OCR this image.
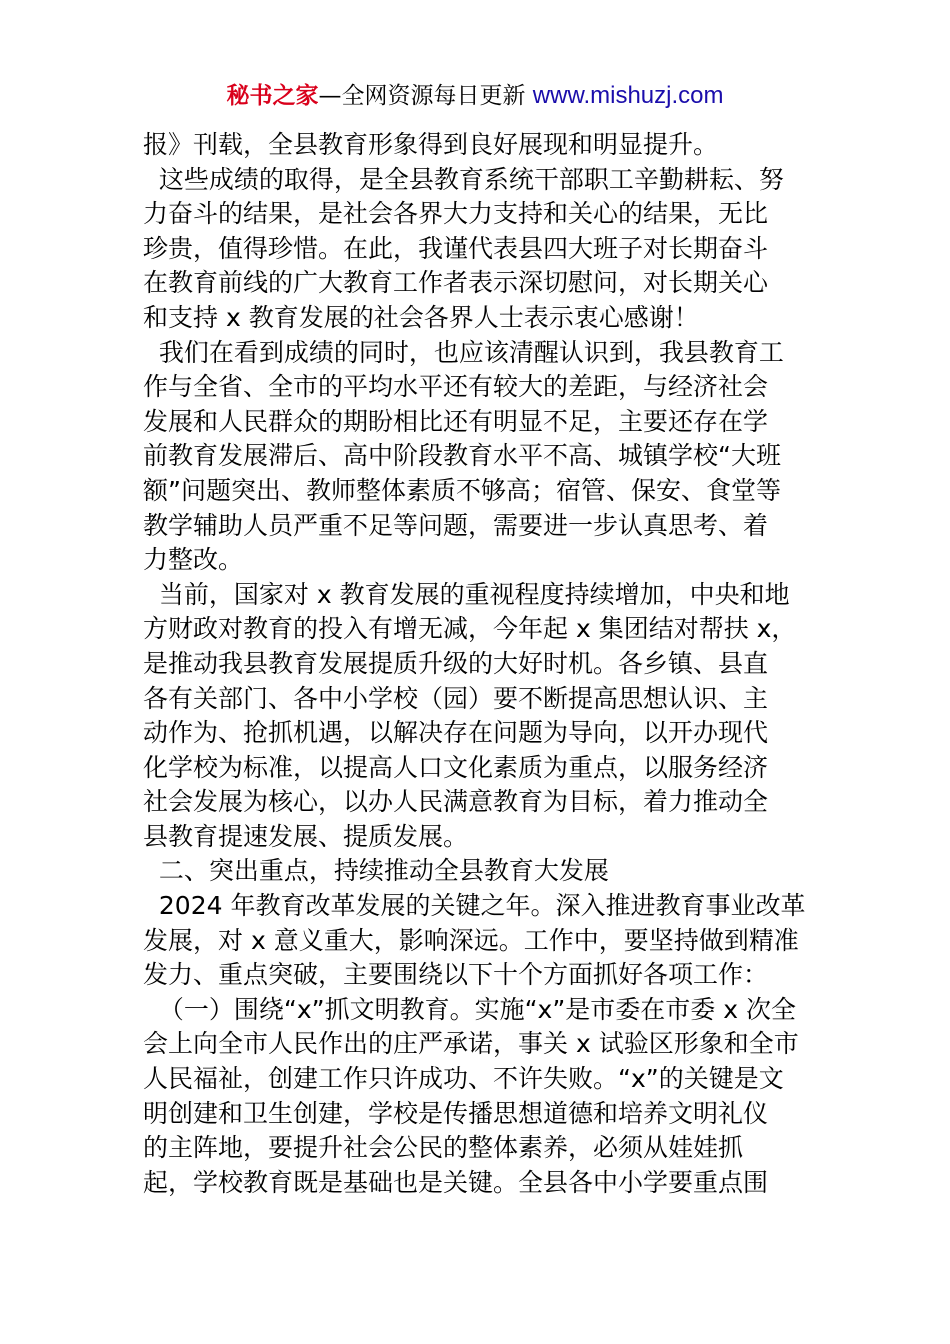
秘书之家—全网资源每日更新 www.mishuzj.com
报》刊载，全县教育形象得到良好展现和明显提升。
这些成绩的取得，是全县教育系统干部职工辛勤耕耘、努
力奋斗的结果，是社会各界大力支持和关心的结果，无比
珍贵，值得珍惜。在此，我谨代表县四大班子对长期奋斗
在教育前线的广大教育工作者表示深切慰问，对长期关心
和支持 x 教育发展的社会各界人士表示衷心感谢！
我们在看到成绩的同时，也应该清醒认识到，我县教育工
作与全省、全市的平均水平还有较大的差距，与经济社会
发展和人民群众的期盼相比还有明显不足，主要还存在学
前教育发展滞后、高中阶段教育水平不高、城镇学校“大班
额”问题突出、教师整体素质不够高；宿管、保安、食堂等
教学辅助人员严重不足等问题，需要进一步认真思考、着
力整改。
当前，国家对 x 教育发展的重视程度持续增加，中央和地
方财政对教育的投入有增无减，今年起 x 集团结对帮扶 x，
是推动我县教育发展提质升级的大好时机。各乡镇、县直
各有关部门、各中小学校（园）要不断提高思想认识、主
动作为、抢抓机遇，以解决存在问题为导向，以开办现代
化学校为标准，以提高人口文化素质为重点，以服务经济
社会发展为核心，以办人民满意教育为目标，着力推动全
县教育提速发展、提质发展。
二、突出重点，持续推动全县教育大发展
2024 年教育改革发展的关键之年。深入推进教育事业改革
发展，对 x 意义重大，影响深远。工作中，要坚持做到精准
发力、重点突破，主要围绕以下十个方面抓好各项工作：
（一）围绕“x”抓文明教育。实施“x”是市委在市委 x 次全
会上向全市人民作出的庄严承诺，事关 x 试验区形象和全市
人民福祉，创建工作只许成功、不许失败。“x”的关键是文
明创建和卫生创建，学校是传播思想道德和培养文明礼仪
的主阵地，要提升社会公民的整体素养，必须从娃娃抓
起，学校教育既是基础也是关键。全县各中小学要重点围
